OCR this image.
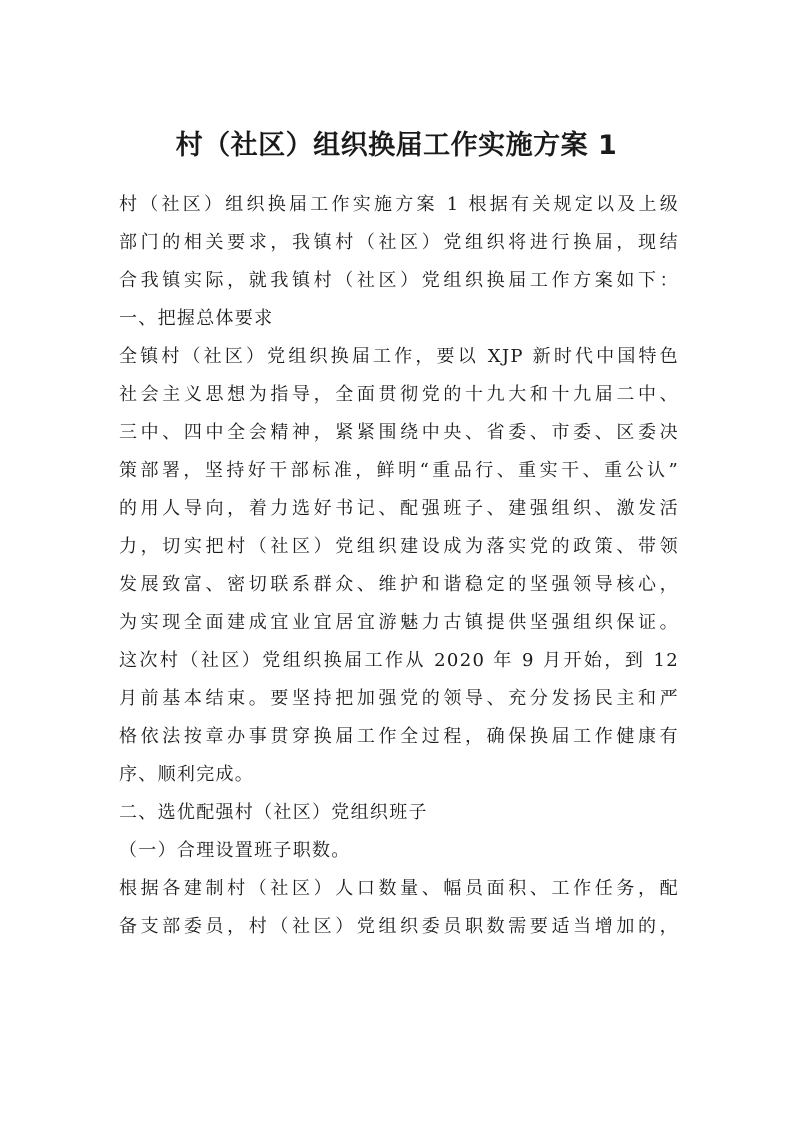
村（社区）组织换届工作实施方案 1
村（社区）组织换届工作实施方案 1 根据有关规定以及上级
部门的相关要求，我镇村（社区）党组织将进行换届，现结
合我镇实际，就我镇村（社区）党组织换届工作方案如下：
一、把握总体要求
全镇村（社区）党组织换届工作，要以 XJP 新时代中国特色
社会主义思想为指导，全面贯彻党的十九大和十九届二中、
三中、四中全会精神，紧紧围绕中央、省委、市委、区委决
策部署，坚持好干部标准，鲜明“重品行、重实干、重公认”
的用人导向，着力选好书记、配强班子、建强组织、激发活
力，切实把村（社区）党组织建设成为落实党的政策、带领
发展致富、密切联系群众、维护和谐稳定的坚强领导核心，
为实现全面建成宜业宜居宜游魅力古镇提供坚强组织保证。
这次村（社区）党组织换届工作从 2020 年 9 月开始，到 12
月前基本结束。要坚持把加强党的领导、充分发扬民主和严
格依法按章办事贯穿换届工作全过程，确保换届工作健康有
序、顺利完成。
二、选优配强村（社区）党组织班子
（一）合理设置班子职数。
根据各建制村（社区）人口数量、幅员面积、工作任务，配
备支部委员，村（社区）党组织委员职数需要适当增加的，
